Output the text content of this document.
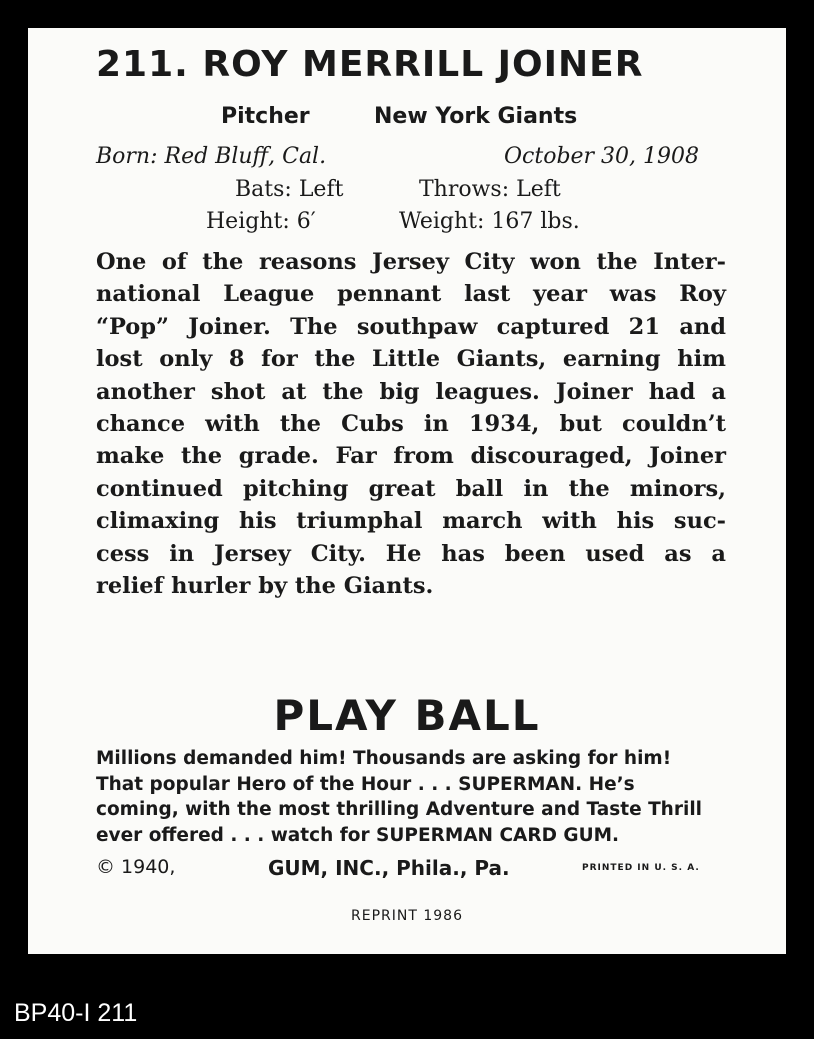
211. ROY MERRILL JOINER
Pitcher	New York Giants
Born: Red Bluff, Cal.	October 30, 1908
Bats: Left	Throws: Left
Height: 6′	Weight: 167 lbs.
One of the reasons Jersey City won the Inter-
national League pennant last year was Roy
“Pop” Joiner. The southpaw captured 21 and
lost only 8 for the Little Giants, earning him
another shot at the big leagues. Joiner had a
chance with the Cubs in 1934, but couldn’t
make the grade. Far from discouraged, Joiner
continued pitching great ball in the minors,
climaxing his triumphal march with his suc-
cess in Jersey City. He has been used as a
relief hurler by the Giants.
PLAY BALL
Millions demanded him! Thousands are asking for him!
That popular Hero of the Hour . . . SUPERMAN. He’s
coming, with the most thrilling Adventure and Taste Thrill
ever offered . . . watch for SUPERMAN CARD GUM.
© 1940,	GUM, INC., Phila., Pa.	PRINTED IN U. S. A.
REPRINT 1986
BP40-I 211
